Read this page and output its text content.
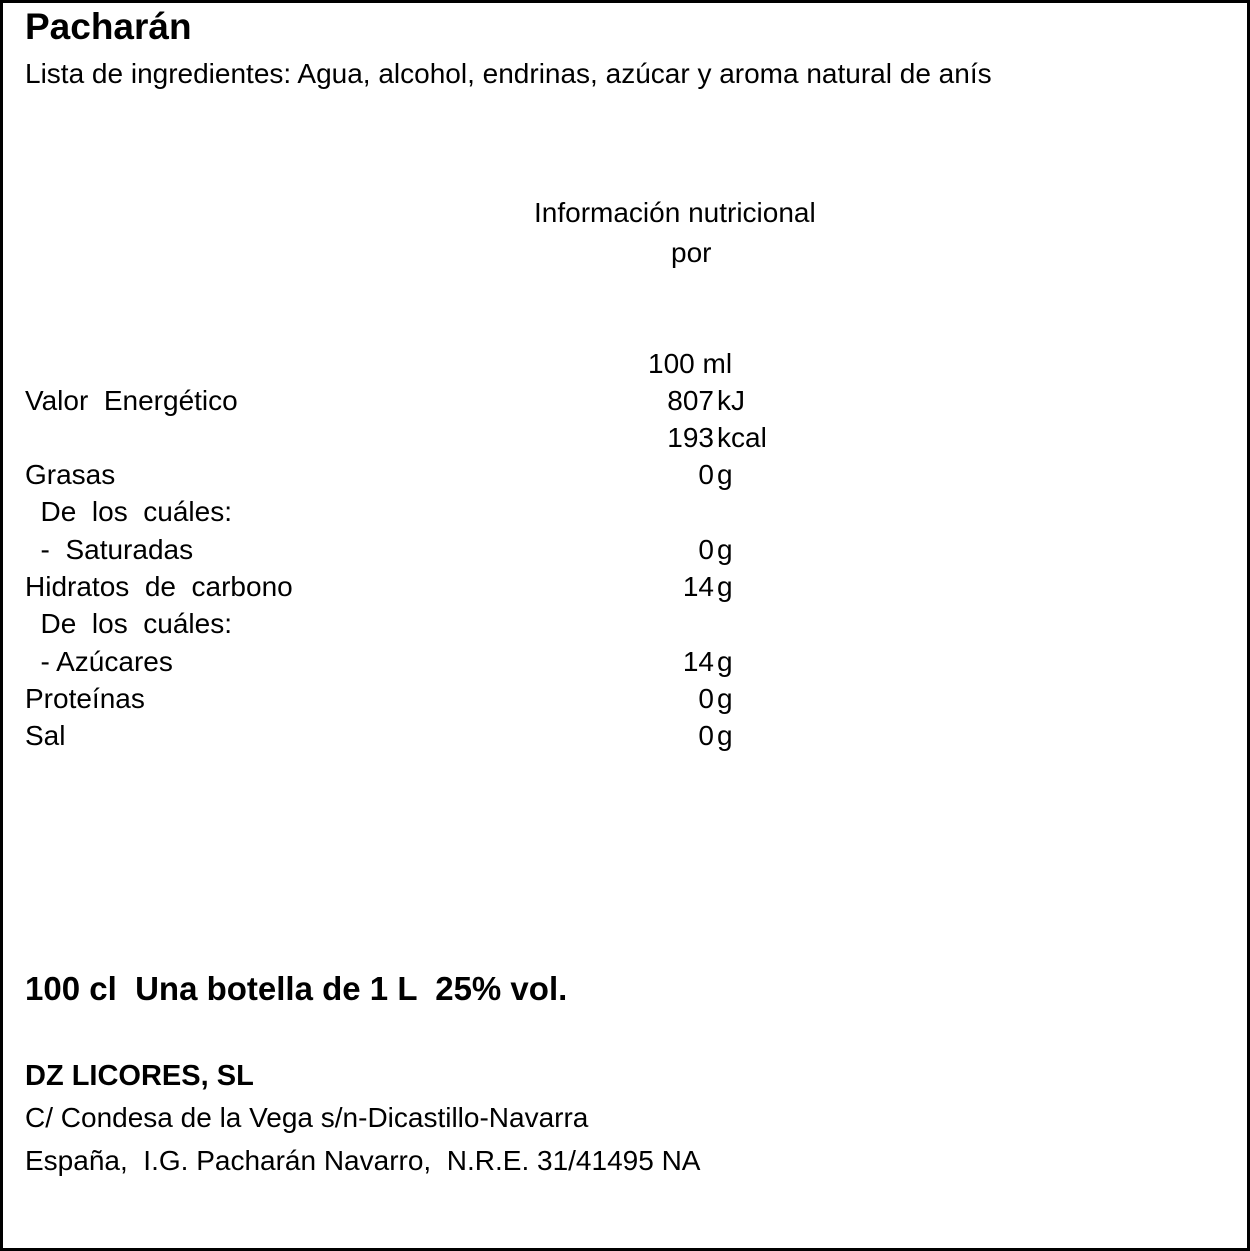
Pacharán
Lista de ingredientes: Agua, alcohol, endrinas, azúcar y aroma natural de anís
Información nutricional
por
100 ml
Valor  Energético	807 kJ
193 kcal
Grasas	0 g
De  los  cuáles:
-  Saturadas	0 g
Hidratos  de  carbono	14 g
De  los  cuáles:
- Azúcares	14 g
Proteínas	0 g
Sal	0 g
100 cl  Una botella de 1 L  25% vol.
DZ LICORES, SL
C/ Condesa de la Vega s/n-Dicastillo-Navarra
España,  I.G. Pacharán Navarro,  N.R.E. 31/41495 NA
